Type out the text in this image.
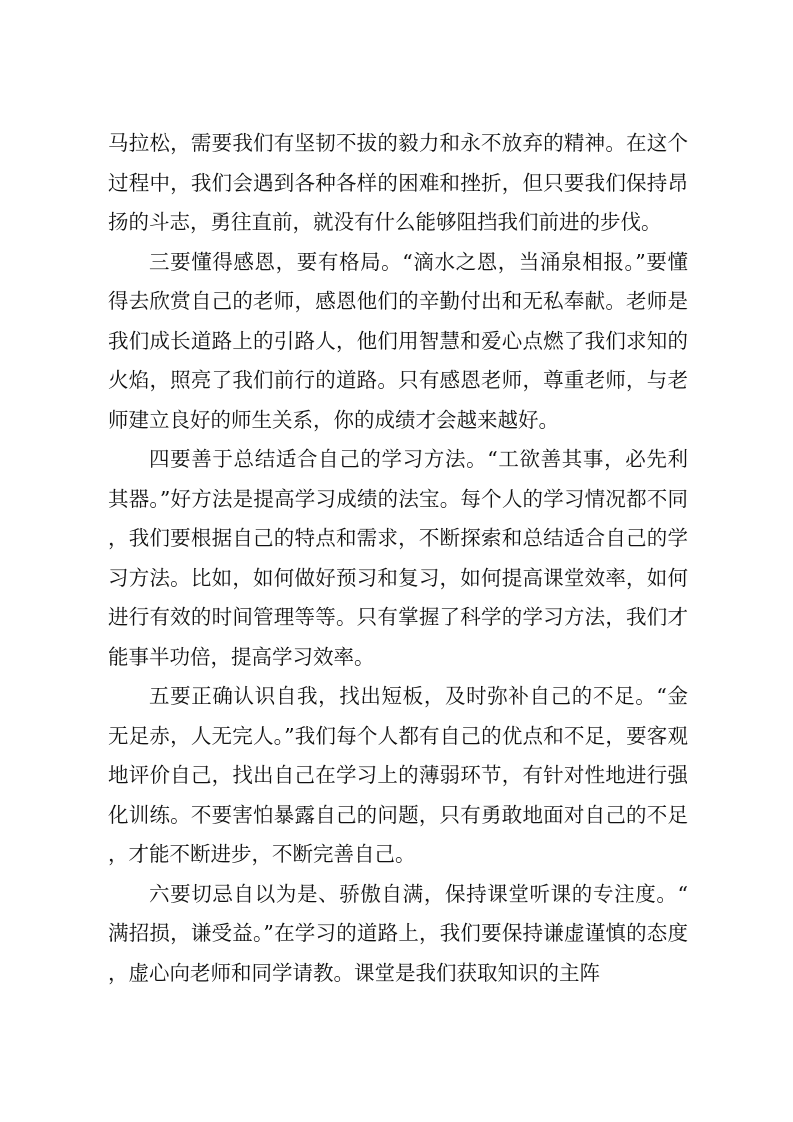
马拉松，需要我们有坚韧不拔的毅力和永不放弃的精神。在这个过程中，我们会遇到各种各样的困难和挫折，但只要我们保持昂扬的斗志，勇往直前，就没有什么能够阻挡我们前进的步伐。

三要懂得感恩，要有格局。“滴水之恩，当涌泉相报。”要懂得去欣赏自己的老师，感恩他们的辛勤付出和无私奉献。老师是我们成长道路上的引路人，他们用智慧和爱心点燃了我们求知的火焰，照亮了我们前行的道路。只有感恩老师，尊重老师，与老师建立良好的师生关系，你的成绩才会越来越好。

四要善于总结适合自己的学习方法。“工欲善其事，必先利其器。”好方法是提高学习成绩的法宝。每个人的学习情况都不同，我们要根据自己的特点和需求，不断探索和总结适合自己的学习方法。比如，如何做好预习和复习，如何提高课堂效率，如何进行有效的时间管理等等。只有掌握了科学的学习方法，我们才能事半功倍，提高学习效率。

五要正确认识自我，找出短板，及时弥补自己的不足。“金无足赤，人无完人。”我们每个人都有自己的优点和不足，要客观地评价自己，找出自己在学习上的薄弱环节，有针对性地进行强化训练。不要害怕暴露自己的问题，只有勇敢地面对自己的不足，才能不断进步，不断完善自己。

六要切忌自以为是、骄傲自满，保持课堂听课的专注度。“满招损，谦受益。”在学习的道路上，我们要保持谦虚谨慎的态度，虚心向老师和同学请教。课堂是我们获取知识的主阵
